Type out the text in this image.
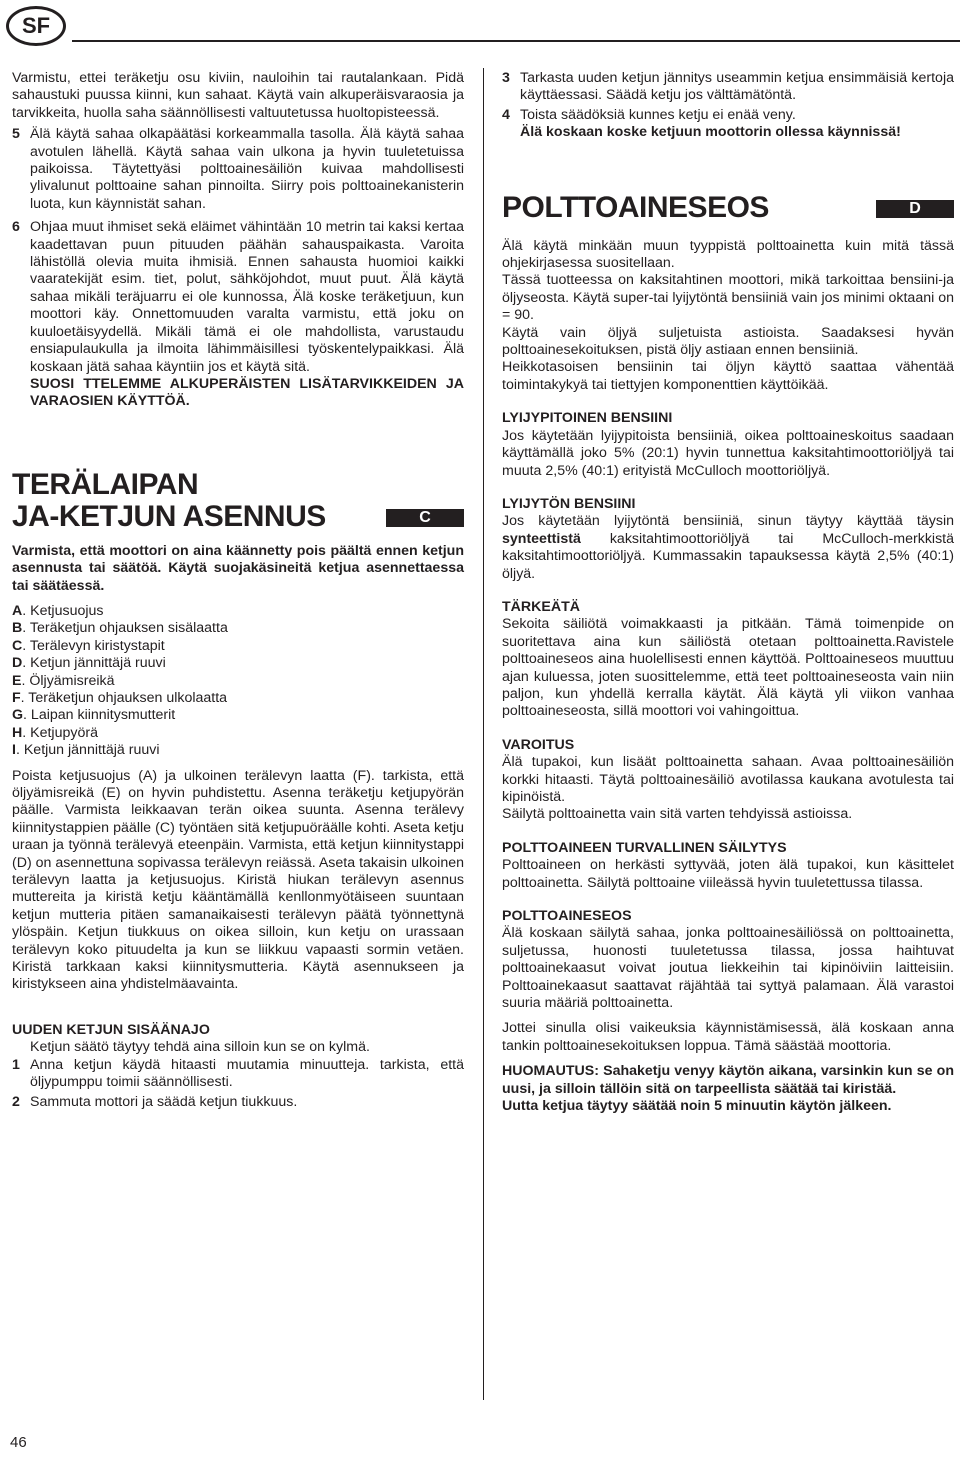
SF

Varmistu, ettei teräketju osu kiviin, nauloihin tai rautalankaan. Pidä sahaustuki puussa kiinni, kun sahaat. Käytä vain alkuperäisvaraosia ja tarvikkeita, huolla saha säännöllisesti valtuutetussa huoltopisteessä.

5 Älä käytä sahaa olkapäätäsi korkeammalla tasolla. Älä käytä sahaa avotulen lähellä. Käytä sahaa vain ulkona ja hyvin tuuletetuissa paikoissa. Täytettyäsi polttoainesäiliön kuivaa mahdollisesti ylivalunut polttoaine sahan pinnoilta. Siirry pois polttoainekanisterin luota, kun käynnistät sahan.
6 Ohjaa muut ihmiset sekä eläimet vähintään 10 metrin tai kaksi kertaa kaadettavan puun pituuden päähän sahauspaikasta. Varoita lähistöllä olevia muita ihmisiä. Ennen sahausta huomioi kaikki vaaratekijät esim. tiet, polut, sähköjohdot, muut puut. Älä käytä sahaa mikäli teräjuarru ei ole kunnossa, Älä koske teräketjuun, kun moottori käy. Onnettomuuden varalta varmistu, että joku on kuuloetäisyydellä. Mikäli tämä ei ole mahdollista, varustaudu ensiapulaukulla ja ilmoita lähimmäisillesi työskentelypaikkasi. Älä koskaan jätä sahaa käyntiin jos et käytä sitä.
SUOSI TTELEMME ALKUPERÄISTEN LISÄTARVIKKEIDEN JA VARAOSIEN KÄYTTÖÄ.

TERÄLAIPAN

JA-KETJUN ASENNUS	C

Varmista, että moottori on aina käännetty pois päältä ennen ketjun asennusta tai säätöä. Käytä suojakäsineitä ketjua asennettaessa tai säätäessä.

A. Ketjusuojus
B. Teräketjun ohjauksen sisälaatta
C. Terälevyn kiristystapit
D. Ketjun jännittäjä ruuvi
E. Öljyämisreikä
F. Teräketjun ohjauksen ulkolaatta
G. Laipan kiinnitysmutterit
H. Ketjupyörä
I. Ketjun jännittäjä ruuvi

Poista ketjusuojus (A) ja ulkoinen terälevyn laatta (F). tarkista, että öljyämisreikä (E) on hyvin puhdistettu. Asenna teräketju ketjupyörän päälle. Varmista leikkaavan terän oikea suunta. Asenna terälevy kiinnitystappien päälle (C) työntäen sitä ketjupuöräälle kohti. Aseta ketju uraan ja työnnä terälevyä eteenpäin. Varmista, että ketjun kiinnitystappi (D) on asennettuna sopivassa terälevyn reiässä. Aseta takaisin ulkoinen terälevyn laatta ja ketjusuojus. Kiristä hiukan terälevyn asennus muttereita ja kiristä ketju kääntämällä kenllonmyötäiseen suuntaan ketjun mutteria pitäen samanaikaisesti terälevyn päätä työnnettynä ylöspäin. Ketjun tiukkuus on oikea silloin, kun ketju on urassaan terälevyn koko pituudelta ja kun se liikkuu vapaasti sormin vetäen. Kiristä tarkkaan kaksi kiinnitysmutteria. Käytä asennukseen ja kiristykseen aina yhdistelmäavainta.

UUDEN KETJUN SISÄÄNAJO

Ketjun säätö täytyy tehdä aina silloin kun se on kylmä.

1 Anna ketjun käydä hitaasti muutamia minuutteja. tarkista, että öljypumppu toimii säännöllisesti.
2 Sammuta mottori ja säädä ketjun tiukkuus.
3 Tarkasta uuden ketjun jännitys useammin ketjua ensimmäisiä kertoja käyttäessasi. Säädä ketju jos välttämätöntä.
4 Toista säädöksiä kunnes ketju ei enää veny.
Älä koskaan koske ketjuun moottorin ollessa käynnissä!

POLTTOAINESEOS	D

Älä käytä minkään muun tyyppistä polttoainetta kuin mitä tässä ohjekirjasessa suositellaan.

Tässä tuotteessa on kaksitahtinen moottori, mikä tarkoittaa bensiini-ja öljyseosta. Käytä super-tai lyijytöntä bensiiniä vain jos minimi oktaani on = 90.

Käytä vain öljyä suljetuista astioista. Saadaksesi hyvän polttoainesekoituksen, pistä öljy astiaan ennen bensiiniä.

Heikkotasoisen bensiinin tai öljyn käyttö saattaa vähentää toimintakykyä tai tiettyjen komponenttien käyttöikää.

LYIJYPITOINEN BENSIINI

Jos käytetään lyijypitoista bensiiniä, oikea polttoaineskoitus saadaan käyttämällä joko 5% (20:1) hyvin tunnettua kaksitahtimoottoriöljyä tai muuta 2,5% (40:1) erityistä McCulloch moottoriöljyä.

LYIJYTÖN BENSIINI

Jos käytetään lyijytöntä bensiiniä, sinun täytyy käyttää täysin synteettistä kaksitahtimoottoriöljyä tai McCulloch-merkkistä kaksitahtimoottoriöljyä. Kummassakin tapauksessa käytä 2,5% (40:1) öljyä.

TÄRKEÄTÄ

Sekoita säiliötä voimakkaasti ja pitkään. Tämä toimenpide on suoritettava aina kun säiliöstä otetaan polttoainetta.Ravistele polttoaineseos aina huolellisesti ennen käyttöä. Polttoaineseos muuttuu ajan kuluessa, joten suosittelemme, että teet polttoaineseosta vain niin paljon, kun yhdellä kerralla käytät. Älä käytä yli viikon vanhaa polttoaineseosta, sillä moottori voi vahingoittua.

VAROITUS

Älä tupakoi, kun lisäät polttoainetta sahaan. Avaa polttoainesäiliön korkki hitaasti. Täytä polttoainesäiliö avotilassa kaukana avotulesta tai kipinöistä.

Säilytä polttoainetta vain sitä varten tehdyissä astioissa.

POLTTOAINEEN TURVALLINEN SÄILYTYS

Polttoaineen on herkästi syttyvää, joten älä tupakoi, kun käsittelet polttoainetta. Säilytä polttoaine viileässä hyvin tuuletettussa tilassa.

POLTTOAINESEOS

Älä koskaan säilytä sahaa, jonka polttoainesäiliössä on polttoainetta, suljetussa, huonosti tuuletetussa tilassa, jossa haihtuvat polttoainekaasut voivat joutua liekkeihin tai kipinöiviin laitteisiin. Polttoainekaasut saattavat räjähtää tai syttyä palamaan. Älä varastoi suuria määriä polttoainetta.

Jottei sinulla olisi vaikeuksia käynnistämisessä, älä koskaan anna tankin polttoainesekoituksen loppua. Tämä säästää moottoria.

HUOMAUTUS: Sahaketju venyy käytön aikana, varsinkin kun se on uusi, ja silloin tällöin sitä on tarpeellista säätää tai kiristää.

Uutta ketjua täytyy säätää noin 5 minuutin käytön jälkeen.

46
